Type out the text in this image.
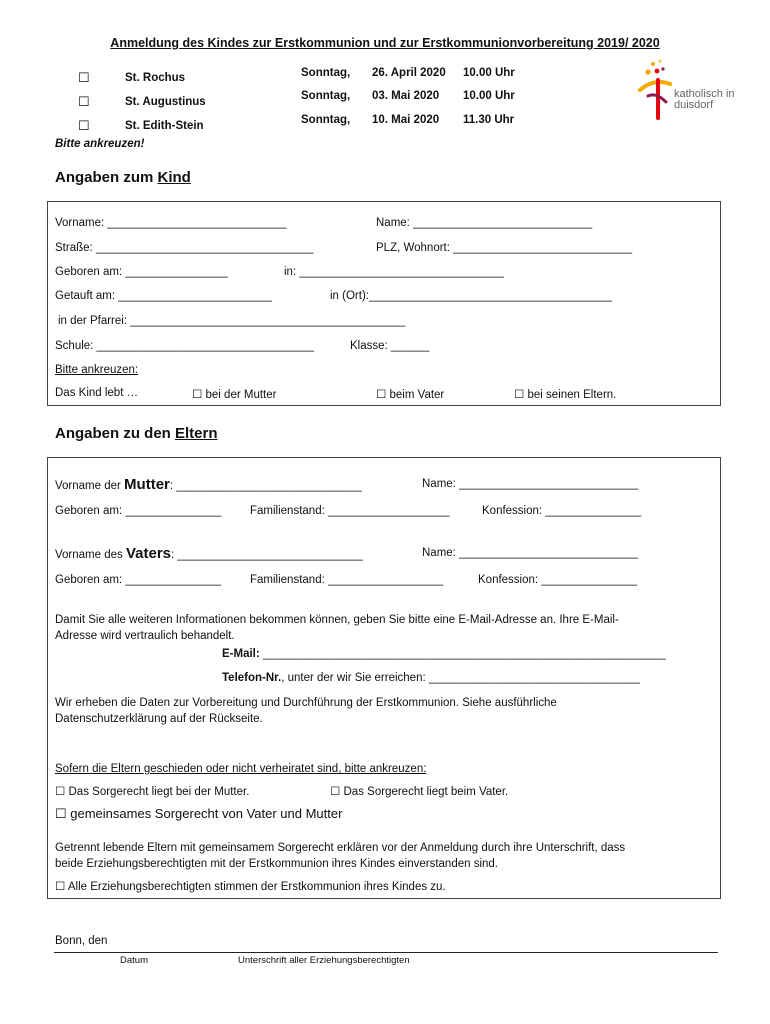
Anmeldung des Kindes zur Erstkommunion und zur Erstkommunionvorbereitung 2019/ 2020
☐	St. Rochus	Sonntag, 26. April 2020 10.00 Uhr
☐	St. Augustinus	Sonntag, 03. Mai 2020 10.00 Uhr
☐	St. Edith-Stein	Sonntag, 10. Mai 2020 11.30 Uhr
Bitte ankreuzen!
katholisch in
duisdorf
Angaben zum Kind
Vorname: ____________________________	Name: ____________________________
Straße: __________________________________	PLZ, Wohnort: ____________________________
Geboren am: ________________	in: ________________________________
Getauft am: ________________________	in (Ort):______________________________________
in der Pfarrei: ___________________________________________
Schule: __________________________________	Klasse: ______
Bitte ankreuzen:
Das Kind lebt …	☐ bei der Mutter	☐ beim Vater	☐ bei seinen Eltern.
Angaben zu den Eltern
Vorname der Mutter: _____________________________	Name: ____________________________
Geboren am: _______________ Familienstand: ___________________	Konfession: _______________
Vorname des Vaters: _____________________________	Name: ____________________________
Geboren am: _______________ Familienstand: __________________	Konfession: _______________
Damit Sie alle weiteren Informationen bekommen können, geben Sie bitte eine E-Mail-Adresse an. Ihre E-Mail-
Adresse wird vertraulich behandelt.
E-Mail: _______________________________________________________________
Telefon-Nr., unter der wir Sie erreichen: _________________________________
Wir erheben die Daten zur Vorbereitung und Durchführung der Erstkommunion. Siehe ausführliche
Datenschutzerklärung auf der Rückseite.
Sofern die Eltern geschieden oder nicht verheiratet sind, bitte ankreuzen:
☐ Das Sorgerecht liegt bei der Mutter.	☐ Das Sorgerecht liegt beim Vater.
☐ gemeinsames Sorgerecht von Vater und Mutter
Getrennt lebende Eltern mit gemeinsamem Sorgerecht erklären vor der Anmeldung durch ihre Unterschrift, dass
beide Erziehungsberechtigten mit der Erstkommunion ihres Kindes einverstanden sind.
☐ Alle Erziehungsberechtigten stimmen der Erstkommunion ihres Kindes zu.
Bonn, den
Datum	Unterschrift aller Erziehungsberechtigten
